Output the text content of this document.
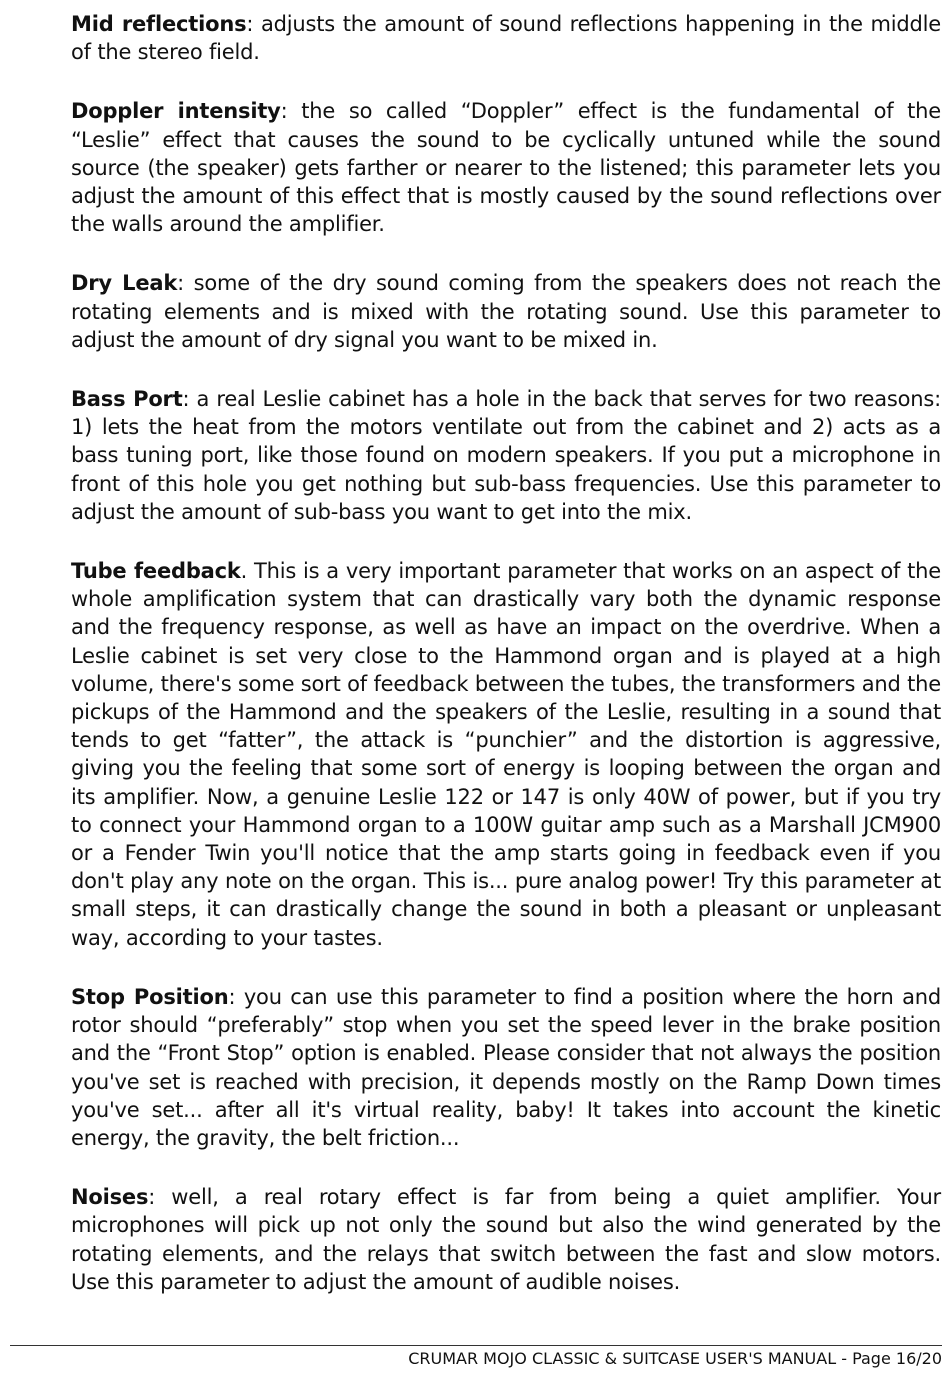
Mid reflections: adjusts the amount of sound reflections happening in the middle of the stereo field.

Doppler intensity: the so called “Doppler” effect is the fundamental of the “Leslie” effect that causes the sound to be cyclically untuned while the sound source (the speaker) gets farther or nearer to the listened; this parameter lets you adjust the amount of this effect that is mostly caused by the sound reflections over the walls around the amplifier.

Dry Leak: some of the dry sound coming from the speakers does not reach the rotating elements and is mixed with the rotating sound. Use this parameter to adjust the amount of dry signal you want to be mixed in.

Bass Port: a real Leslie cabinet has a hole in the back that serves for two reasons: 1) lets the heat from the motors ventilate out from the cabinet and 2) acts as a bass tuning port, like those found on modern speakers. If you put a microphone in front of this hole you get nothing but sub-bass frequencies. Use this parameter to adjust the amount of sub-bass you want to get into the mix.

Tube feedback. This is a very important parameter that works on an aspect of the whole amplification system that can drastically vary both the dynamic response and the frequency response, as well as have an impact on the overdrive. When a Leslie cabinet is set very close to the Hammond organ and is played at a high volume, there's some sort of feedback between the tubes, the transformers and the pickups of the Hammond and the speakers of the Leslie, resulting in a sound that tends to get “fatter”, the attack is “punchier” and the distortion is aggressive, giving you the feeling that some sort of energy is looping between the organ and its amplifier. Now, a genuine Leslie 122 or 147 is only 40W of power, but if you try to connect your Hammond organ to a 100W guitar amp such as a Marshall JCM900 or a Fender Twin you'll notice that the amp starts going in feedback even if you don't play any note on the organ. This is... pure analog power! Try this parameter at small steps, it can drastically change the sound in both a pleasant or unpleasant way, according to your tastes.

Stop Position: you can use this parameter to find a position where the horn and rotor should “preferably” stop when you set the speed lever in the brake position and the “Front Stop” option is enabled. Please consider that not always the position you've set is reached with precision, it depends mostly on the Ramp Down times you've set... after all it's virtual reality, baby! It takes into account the kinetic energy, the gravity, the belt friction...

Noises: well, a real rotary effect is far from being a quiet amplifier. Your microphones will pick up not only the sound but also the wind generated by the rotating elements, and the relays that switch between the fast and slow motors. Use this parameter to adjust the amount of audible noises.

CRUMAR MOJO CLASSIC & SUITCASE USER'S MANUAL - Page 16/20
